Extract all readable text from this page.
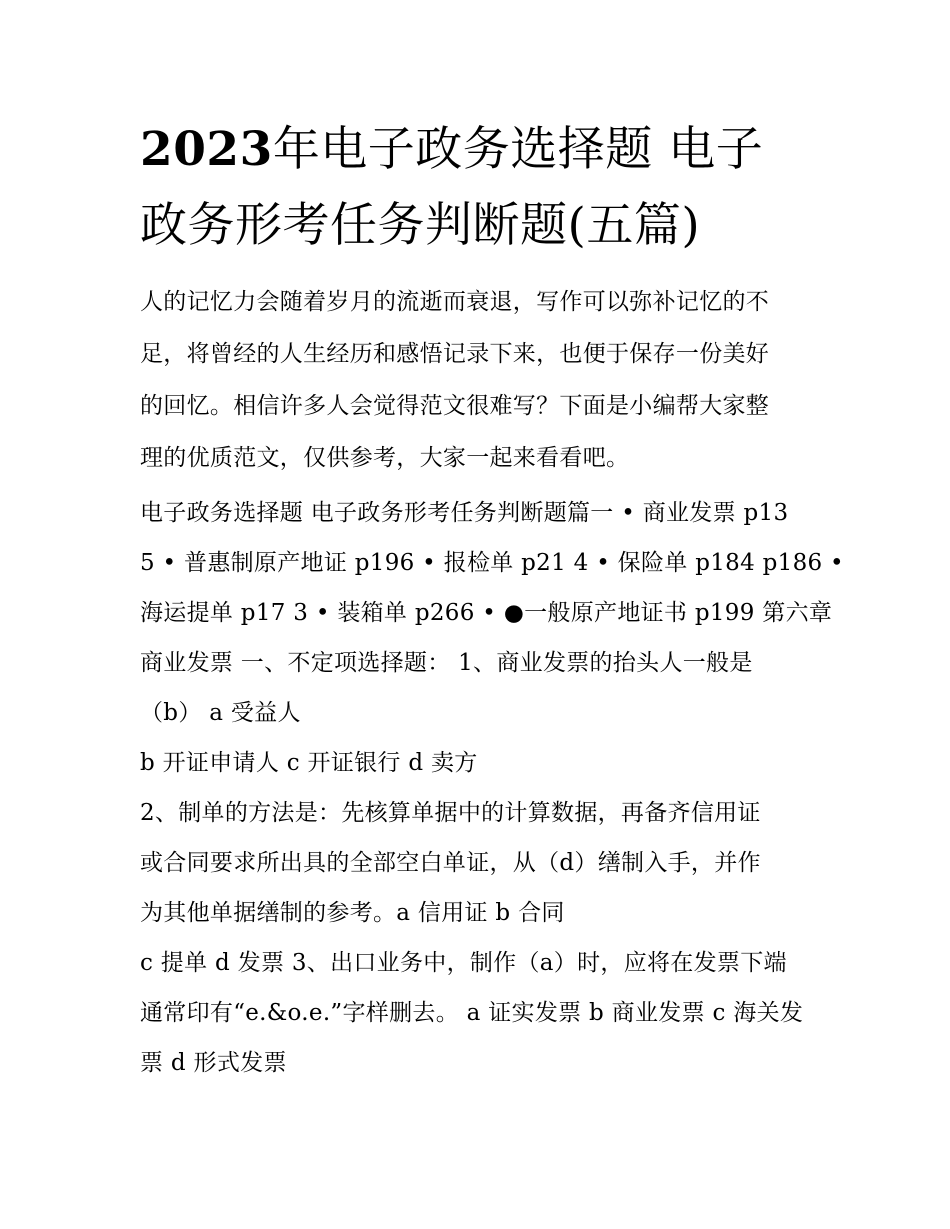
2023年电子政务选择题 电子
政务形考任务判断题(五篇)

人的记忆力会随着岁月的流逝而衰退，写作可以弥补记忆的不

足，将曾经的人生经历和感悟记录下来，也便于保存一份美好

的回忆。相信许多人会觉得范文很难写？下面是小编帮大家整

理的优质范文，仅供参考，大家一起来看看吧。

电子政务选择题 电子政务形考任务判断题篇一 • 商业发票 p13

5 • 普惠制原产地证 p196 • 报检单 p21 4 • 保险单 p184 p186 •

海运提单 p17 3 • 装箱单 p266 • ●一般原产地证书 p199 第六章

商业发票 一、不定项选择题： 1、商业发票的抬头人一般是

（b） a 受益人

b 开证申请人 c 开证银行 d 卖方

2、制单的方法是：先核算单据中的计算数据，再备齐信用证

或合同要求所出具的全部空白单证，从（d）缮制入手，并作

为其他单据缮制的参考。a 信用证 b 合同

c 提单 d 发票 3、出口业务中，制作（a）时，应将在发票下端

通常印有“e.&o.e.”字样删去。 a 证实发票 b 商业发票 c 海关发

票 d 形式发票
